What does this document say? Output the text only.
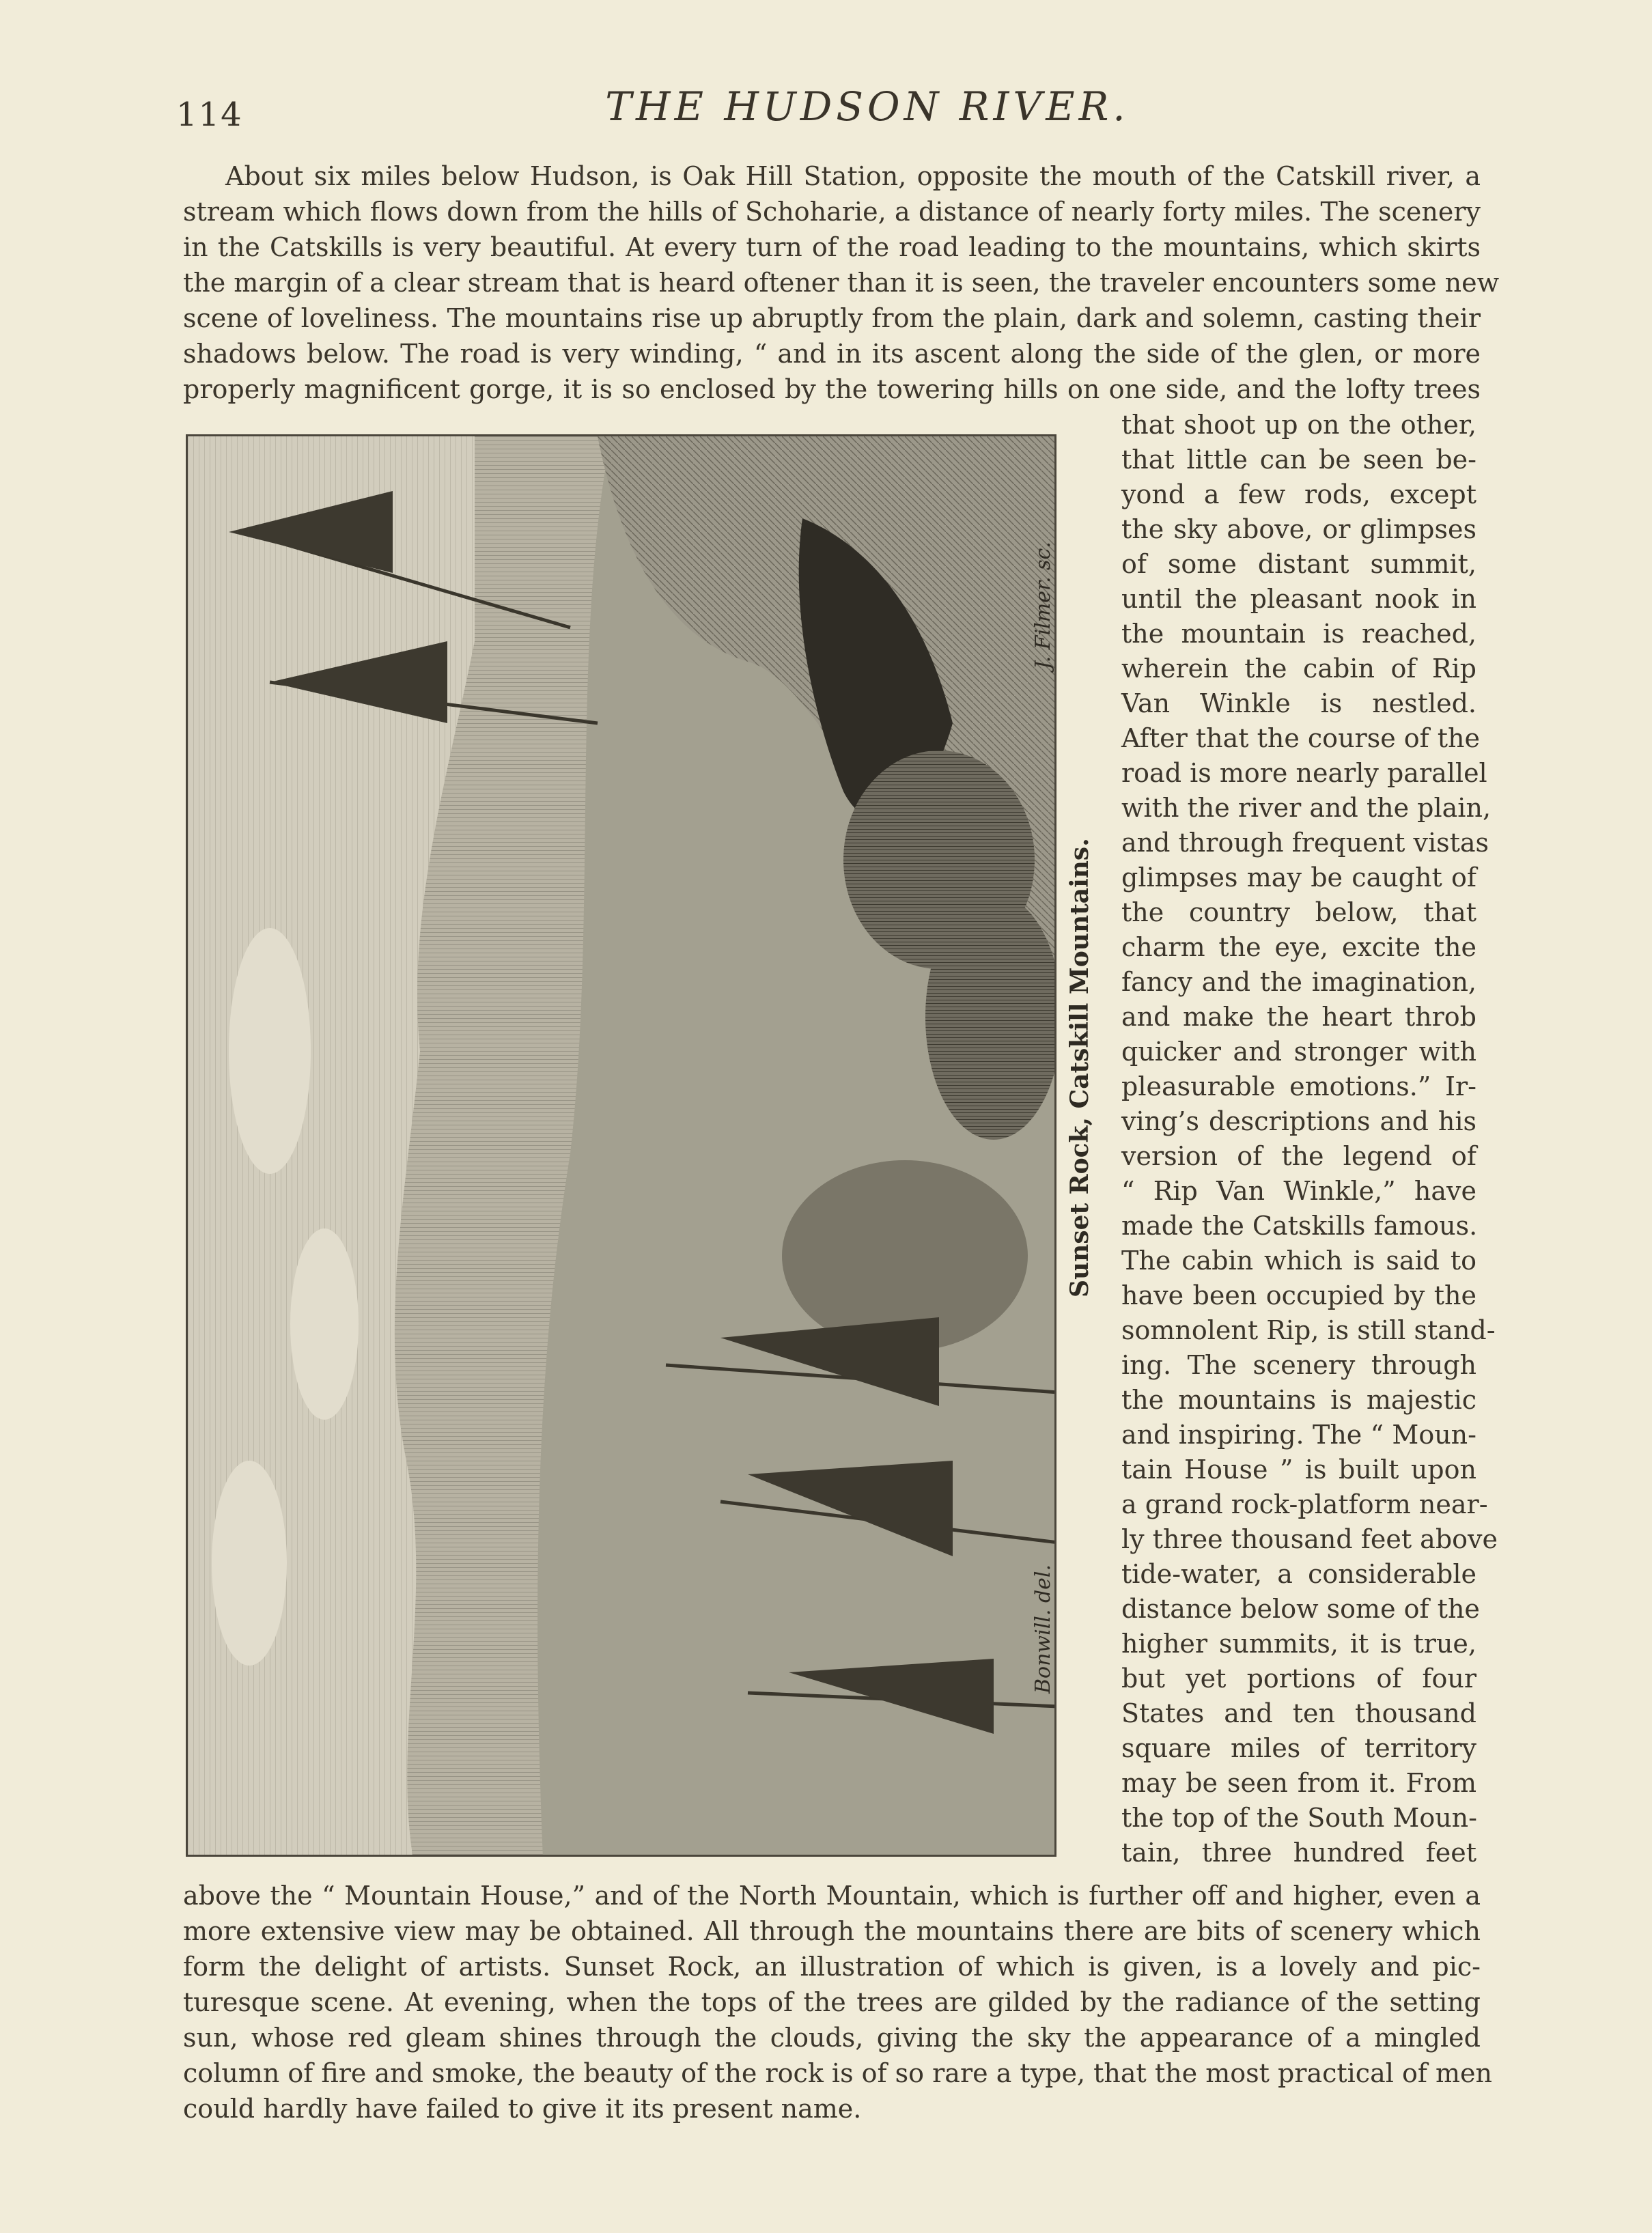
114	THE HUDSON RIVER.
About six miles below Hudson, is Oak Hill Station, opposite the mouth of the Catskill river, a
stream which flows down from the hills of Schoharie, a distance of nearly forty miles. The scenery
in the Catskills is very beautiful. At every turn of the road leading to the mountains, which skirts
the margin of a clear stream that is heard oftener than it is seen, the traveler encounters some new
scene of loveliness. The mountains rise up abruptly from the plain, dark and solemn, casting their
shadows below. The road is very winding, “ and in its ascent along the side of the glen, or more
properly magnificent gorge, it is so enclosed by the towering hills on one side, and the lofty trees
Sunset Rock, Catskill Mountains.
that shoot up on the other,
that little can be seen be-
yond a few rods, except
the sky above, or glimpses
of some distant summit,
until the pleasant nook in
the mountain is reached,
wherein the cabin of Rip
Van Winkle is nestled.
After that the course of the
road is more nearly parallel
with the river and the plain,
and through frequent vistas
glimpses may be caught of
the country below, that
charm the eye, excite the
fancy and the imagination,
and make the heart throb
quicker and stronger with
pleasurable emotions.” Ir-
ving’s descriptions and his
version of the legend of
“ Rip Van Winkle,” have
made the Catskills famous.
The cabin which is said to
have been occupied by the
somnolent Rip, is still stand-
ing. The scenery through
the mountains is majestic
and inspiring. The “ Moun-
tain House ” is built upon
a grand rock-platform near-
ly three thousand feet above
tide-water, a considerable
distance below some of the
higher summits, it is true,
but yet portions of four
States and ten thousand
square miles of territory
may be seen from it. From
the top of the South Moun-
tain, three hundred feet
above the “ Mountain House,” and of the North Mountain, which is further off and higher, even a
more extensive view may be obtained. All through the mountains there are bits of scenery which
form the delight of artists. Sunset Rock, an illustration of which is given, is a lovely and pic-
turesque scene. At evening, when the tops of the trees are gilded by the radiance of the setting
sun, whose red gleam shines through the clouds, giving the sky the appearance of a mingled
column of fire and smoke, the beauty of the rock is of so rare a type, that the most practical of men
could hardly have failed to give it its present name.
Bonwill. del.
J. Filmer. sc.
